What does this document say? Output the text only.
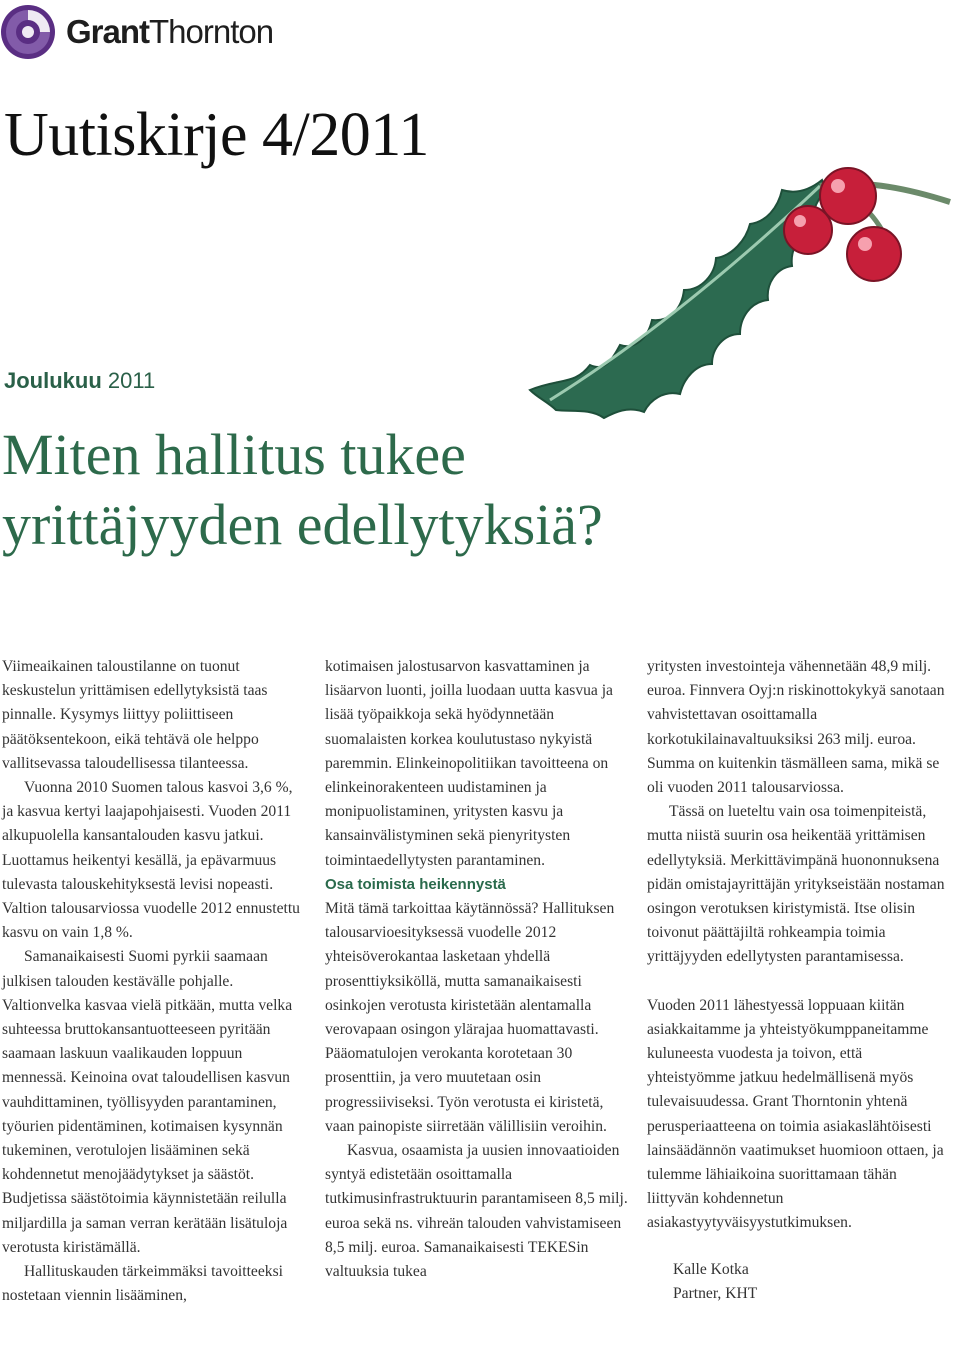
GrantThornton
Uutiskirje 4/2011
Joulukuu 2011
Miten hallitus tukee
yrittäjyyden edellytyksiä?

Viimeaikainen taloustilanne on tuonut keskustelun yrittämisen edellytyksistä taas pinnalle. Kysymys liittyy poliittiseen päätöksentekoon, eikä tehtävä ole helppo vallitsevassa taloudellisessa tilanteessa.

Vuonna 2010 Suomen talous kasvoi 3,6 %, ja kasvua kertyi laajapohjaisesti. Vuoden 2011 alkupuolella kansantalouden kasvu jatkui. Luottamus heikentyi kesällä, ja epävarmuus tulevasta talouskehityksestä levisi nopeasti. Valtion talousarviossa vuodelle 2012 ennustettu kasvu on vain 1,8 %.

Samanaikaisesti Suomi pyrkii saamaan julkisen talouden kestävälle pohjalle. Valtionvelka kasvaa vielä pitkään, mutta velka suhteessa bruttokansantuotteeseen pyritään saamaan laskuun vaalikauden loppuun mennessä. Keinoina ovat taloudellisen kasvun vauhdittaminen, työllisyyden parantaminen, työurien pidentäminen, kotimaisen kysynnän tukeminen, verotulojen lisääminen sekä kohdennetut menojäädytykset ja säästöt. Budjetissa säästötoimia käynnistetään reilulla miljardilla ja saman verran kerätään lisätuloja verotusta kiristämällä.

Hallituskauden tärkeimmäksi tavoitteeksi nostetaan viennin lisääminen,

kotimaisen jalostusarvon kasvattaminen ja lisäarvon luonti, joilla luodaan uutta kasvua ja lisää työpaikkoja sekä hyödynnetään suomalaisten korkea koulutustaso nykyistä paremmin. Elinkeinopolitiikan tavoitteena on elinkeinorakenteen uudistaminen ja monipuolistaminen, yritysten kasvu ja kansainvälistyminen sekä pienyritysten toimintaedellytysten parantaminen.

Osa toimista heikennystä

Mitä tämä tarkoittaa käytännössä? Hallituksen talousarvioesityksessä vuodelle 2012 yhteisöverokantaa lasketaan yhdellä prosenttiyksiköllä, mutta samanaikaisesti osinkojen verotusta kiristetään alentamalla verovapaan osingon ylärajaa huomattavasti. Pääomatulojen verokanta korotetaan 30 prosenttiin, ja vero muutetaan osin progressiiviseksi. Työn verotusta ei kiristetä, vaan painopiste siirretään välillisiin veroihin.

Kasvua, osaamista ja uusien innovaatioiden syntyä edistetään osoittamalla tutkimusinfrastruktuurin parantamiseen 8,5 milj. euroa sekä ns. vihreän talouden vahvistamiseen 8,5 milj. euroa. Samanaikaisesti TEKESin valtuuksia tukea

yritysten investointeja vähennetään 48,9 milj. euroa. Finnvera Oyj:n riskinottokykyä sanotaan vahvistettavan osoittamalla korkotukilainavaltuuksiksi 263 milj. euroa. Summa on kuitenkin täsmälleen sama, mikä se oli vuoden 2011 talousarviossa.

Tässä on lueteltu vain osa toimenpiteistä, mutta niistä suurin osa heikentää yrittämisen edellytyksiä. Merkittävimpänä huononnuksena pidän omistajayrittäjän yritykseistään nostaman osingon verotuksen kiristymistä. Itse olisin toivonut päättäjiltä rohkeampia toimia yrittäjyyden edellytysten parantamisessa.

Vuoden 2011 lähestyessä loppuaan kiitän asiakkaitamme ja yhteistyökumppaneitamme kuluneesta vuodesta ja toivon, että yhteistyömme jatkuu hedelmällisenä myös tulevaisuudessa. Grant Thorntonin yhtenä perusperiaatteena on toimia asiakaslähtöisesti lainsäädännön vaatimukset huomioon ottaen, ja tulemme lähiaikoina suorittamaan tähän liittyvän kohdennetun asiakastyytyväisyystutkimuksen.

Kalle Kotka
Partner, KHT
